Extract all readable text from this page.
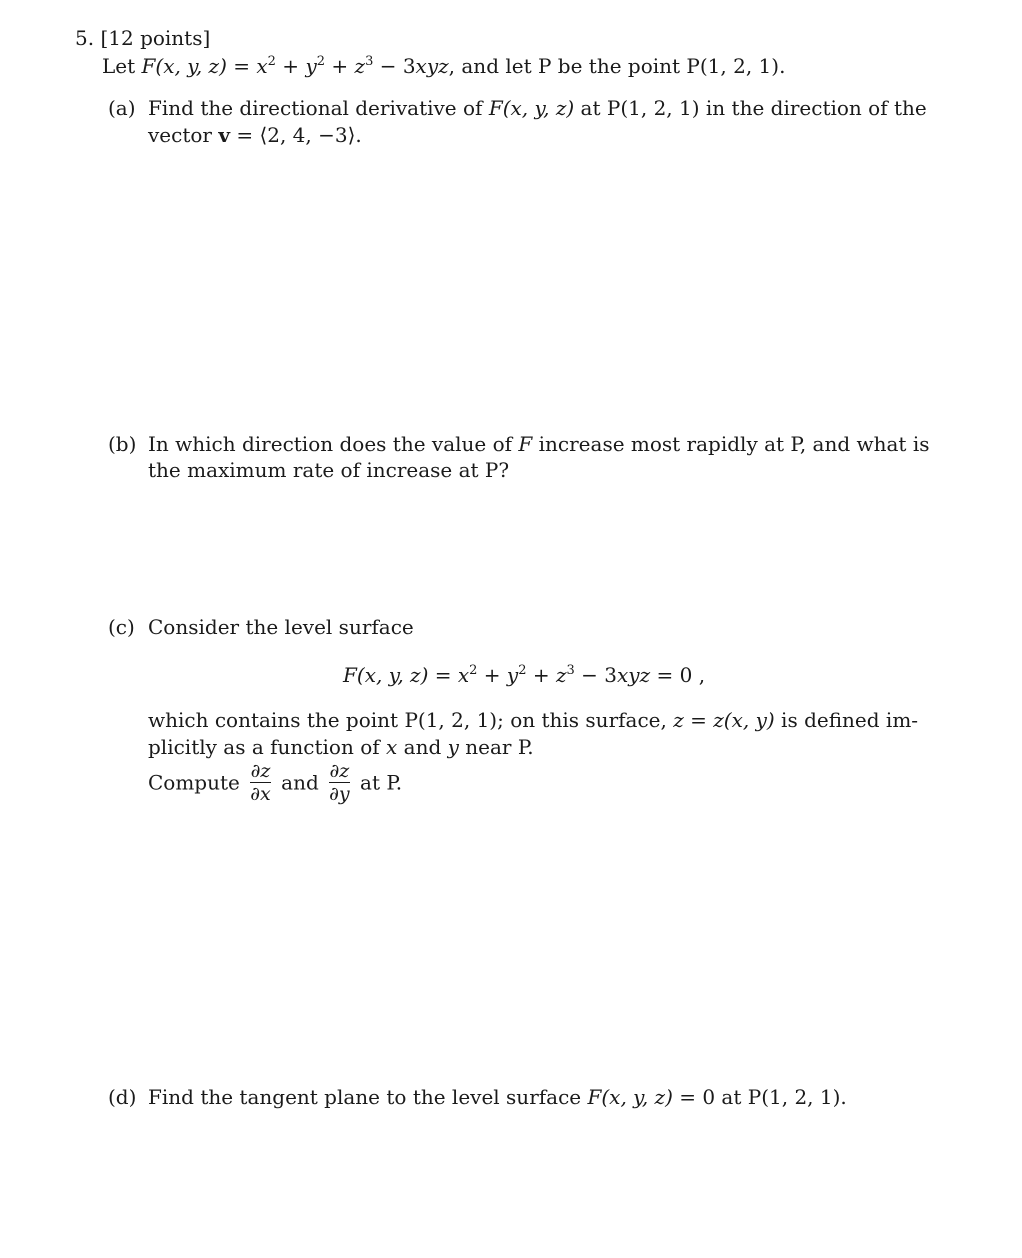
5. [12 points]
Let F(x, y, $z) = x^2 + y^2 + z^3 - 3xyz$, and let P be the point P(1, 2, 1).
(a) Find the directional derivative of F(x, y, z) at P(1, 2, 1) in the direction of the
vector v = ⟨2, 4, −3⟩.
(b) In which direction does the value of F increase most rapidly at P, and what is
the maximum rate of increase at P?
(c) Consider the level surface
F(x, y, $z) = x^2 + y^2 + z^3 - 3xyz = 0$ ,
which contains the point P(1, 2, 1); on this surface, z = z(x, y) is defined im-
plicitly as a function of x and y near P.
Compute $\frac{\partial z}{\partial x}$ and $\frac{\partial z}{\partial y}$ at P.
(d) Find the tangent plane to the level surface F(x, y, z) = 0 at P(1, 2, 1).
